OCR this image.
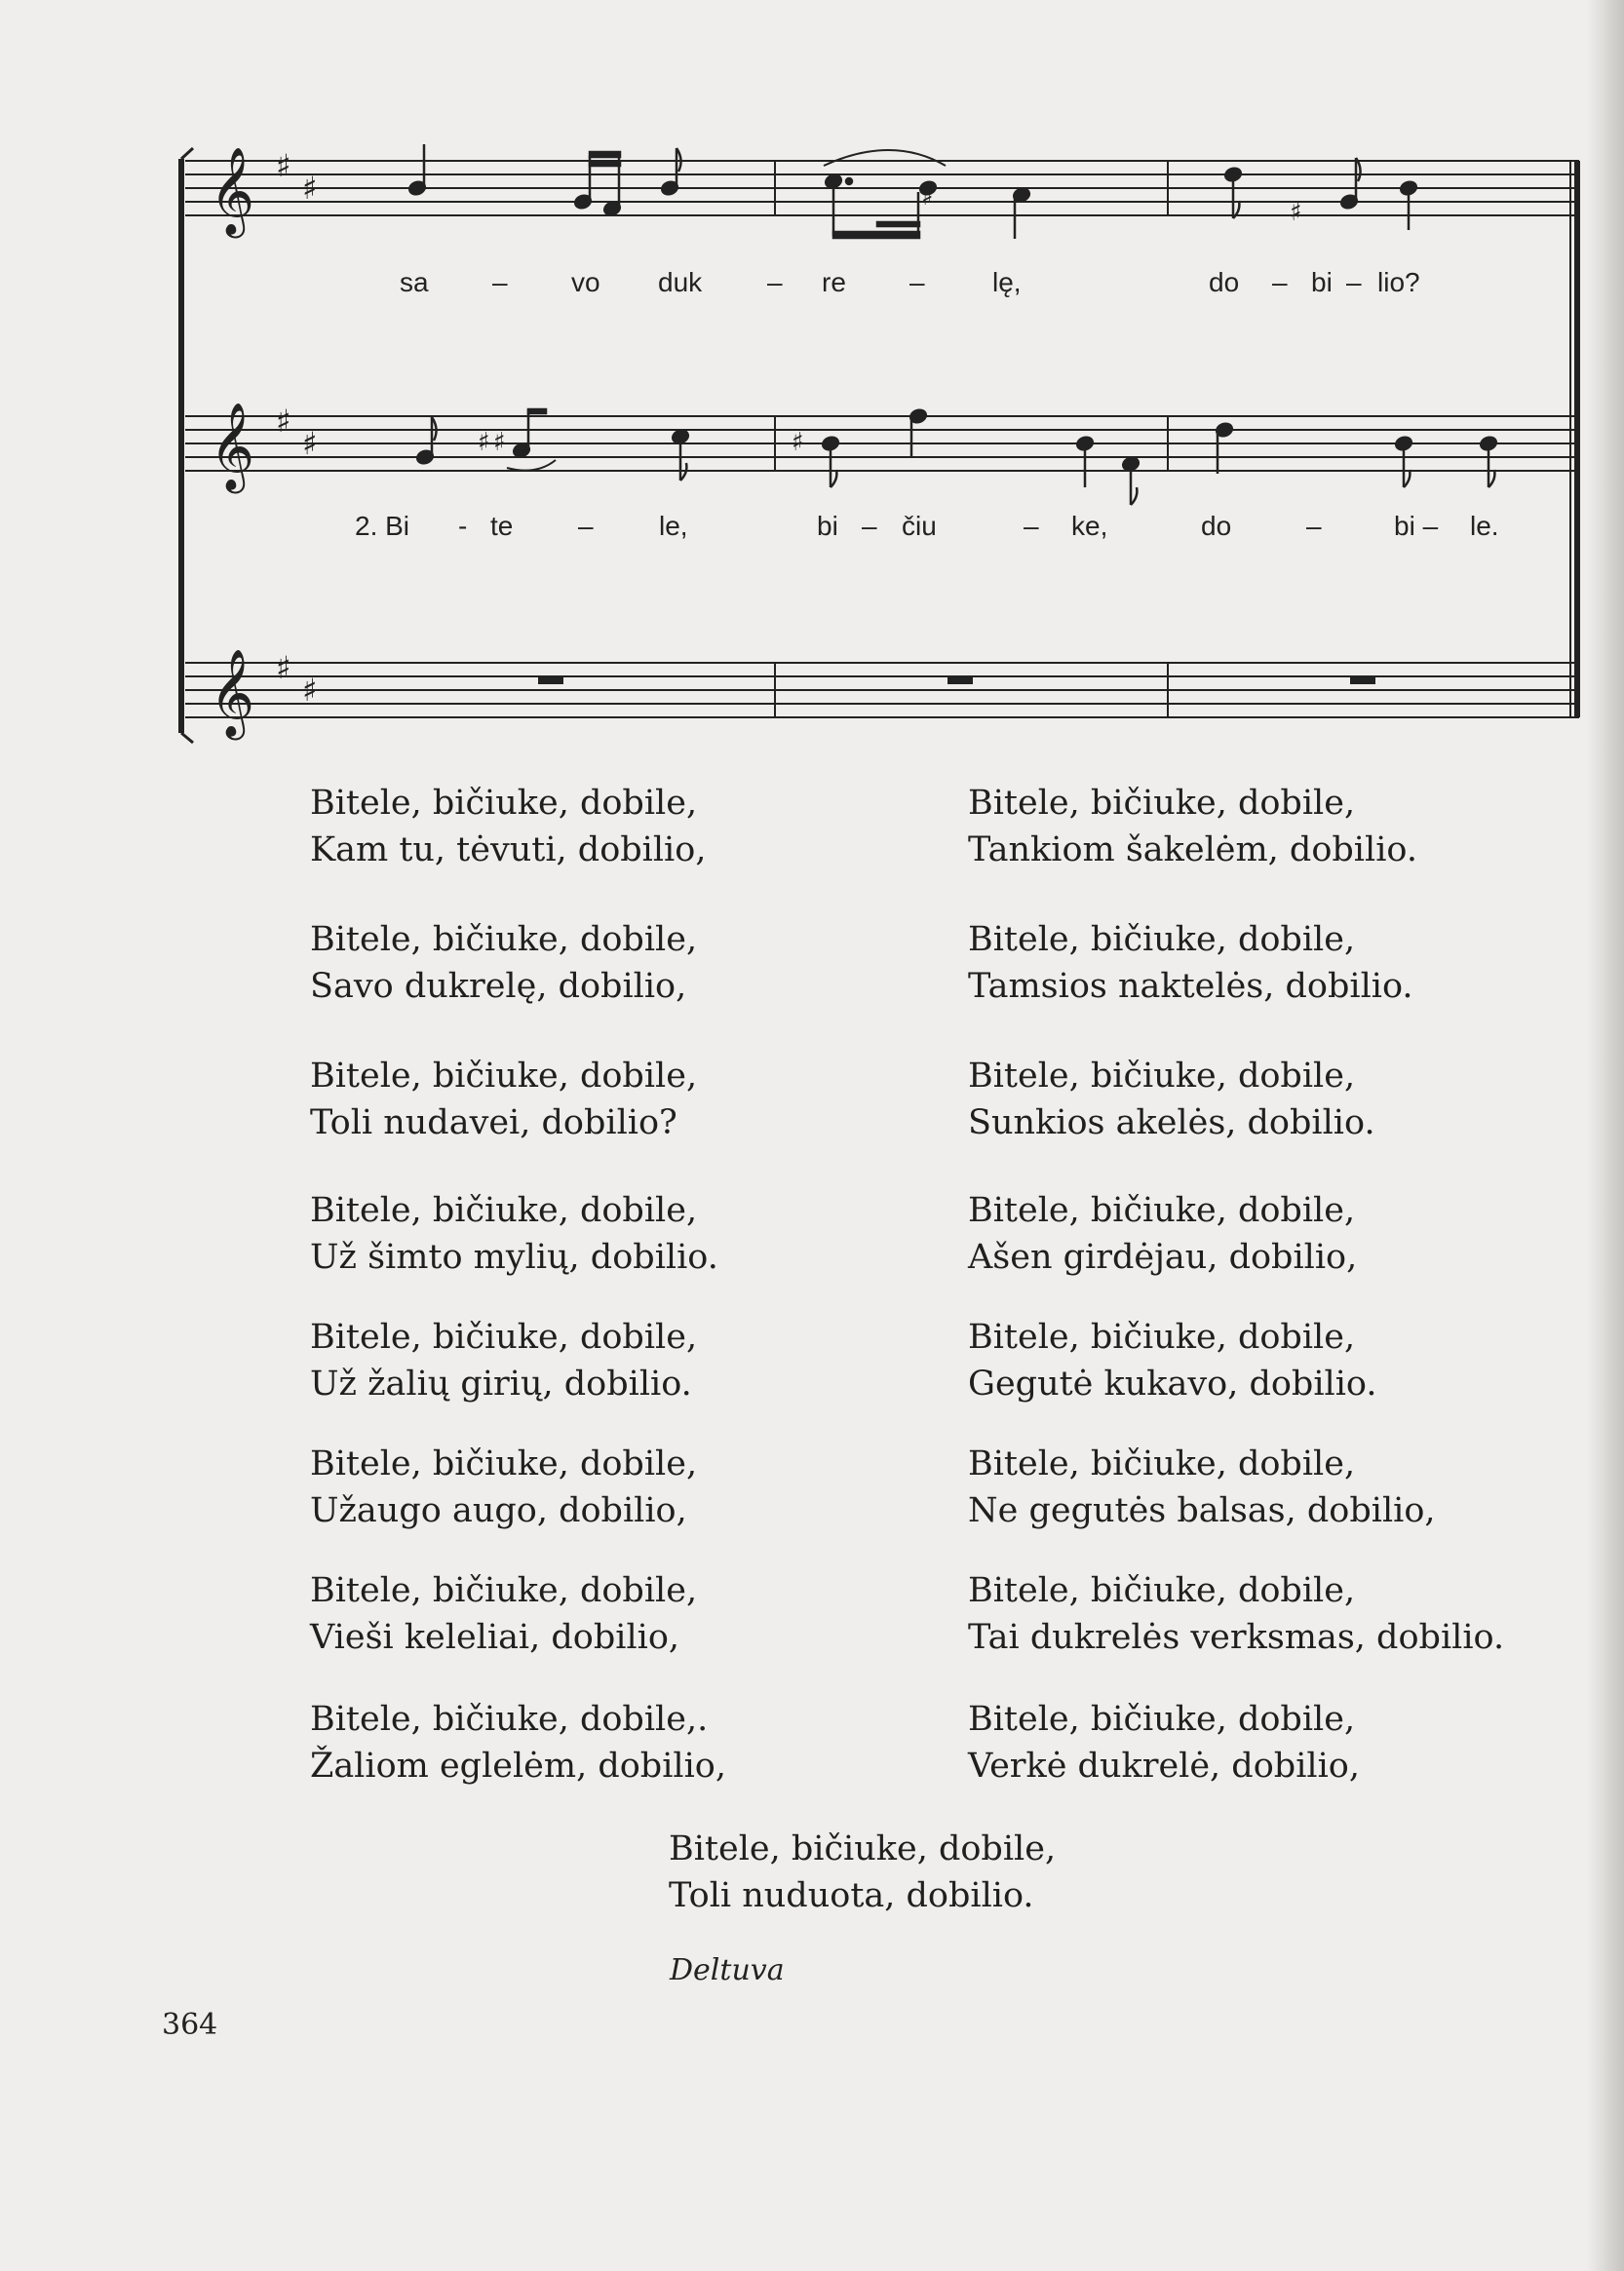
𝄞
𝄞
𝄞
♯
♯
♯
♯
♯
♯
♯
♯
♯ ♯	♯
sa – vo duk – re – lę,	do – bi – lio?
2. Bi - te – le,	bi – čiu	– ke,	do	–	bi – le.
Bitele, bičiuke, dobile,
Kam tu, tėvuti, dobilio,
Bitele, bičiuke, dobile,
Savo dukrelę, dobilio,
Bitele, bičiuke, dobile,
Toli nudavei, dobilio?
Bitele, bičiuke, dobile,
Už šimto mylių, dobilio.
Bitele, bičiuke, dobile,
Už žalių girių, dobilio.
Bitele, bičiuke, dobile,
Užaugo augo, dobilio,
Bitele, bičiuke, dobile,
Vieši keleliai, dobilio,
Bitele, bičiuke, dobile,.
Žaliom eglelėm, dobilio,
Bitele, bičiuke, dobile,
Tankiom šakelėm, dobilio.
Bitele, bičiuke, dobile,
Tamsios naktelės, dobilio.
Bitele, bičiuke, dobile,
Sunkios akelės, dobilio.
Bitele, bičiuke, dobile,
Ašen girdėjau, dobilio,
Bitele, bičiuke, dobile,
Gegutė kukavo, dobilio.
Bitele, bičiuke, dobile,
Ne gegutės balsas, dobilio,
Bitele, bičiuke, dobile,
Tai dukrelės verksmas, dobilio.
Bitele, bičiuke, dobile,
Verkė dukrelė, dobilio,
Bitele, bičiuke, dobile,
Toli nuduota, dobilio.
Deltuva
364
